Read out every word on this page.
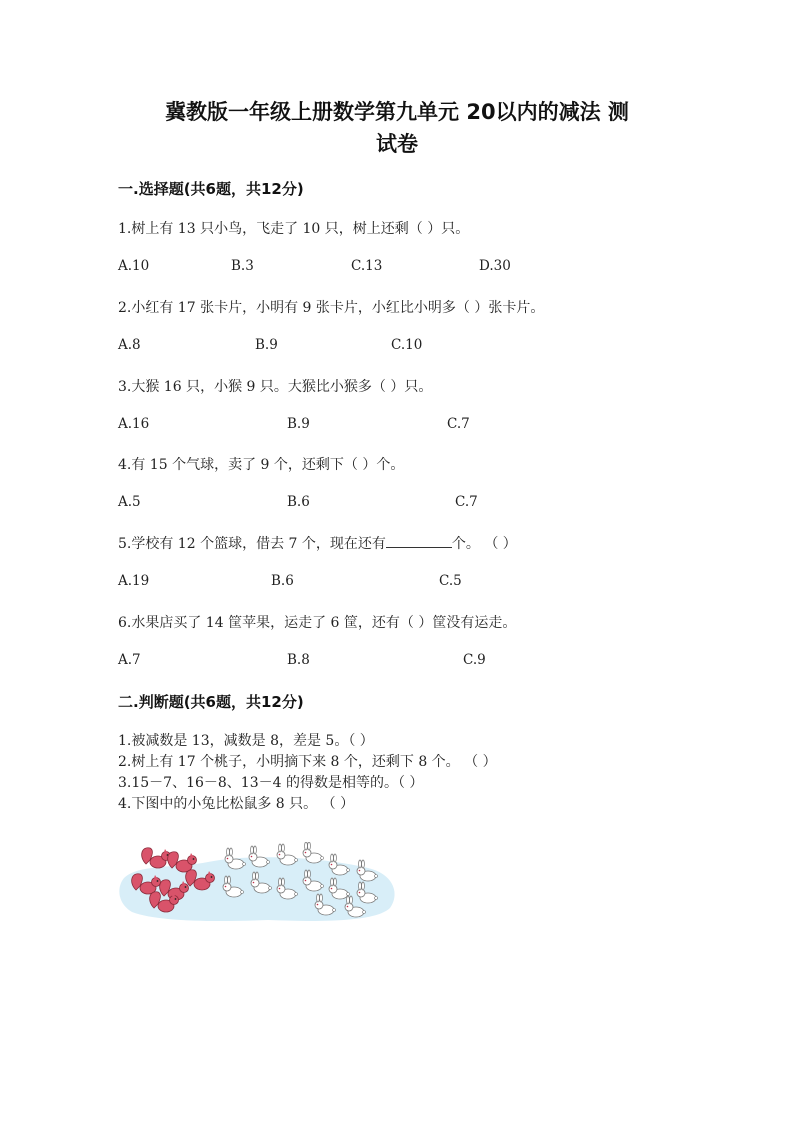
冀教版一年级上册数学第九单元 20以内的减法 测
试卷
一.选择题(共6题，共12分)
1.树上有 13 只小鸟，飞走了 10 只，树上还剩（ ）只。
A.10	B.3	C.13	D.30
2.小红有 17 张卡片，小明有 9 张卡片，小红比小明多（ ）张卡片。
A.8	B.9	C.10
3.大猴 16 只，小猴 9 只。大猴比小猴多（ ）只。
A.16	B.9	C.7
4.有 15 个气球，卖了 9 个，还剩下（ ）个。
A.5	B.6	C.7
5.学校有 12 个篮球，借去 7 个，现在还有	个。 （ ）
A.19	B.6	C.5
6.水果店买了 14 筐苹果，运走了 6 筐，还有（ ）筐没有运走。
A.7	B.8	C.9
二.判断题(共6题，共12分)
1.被减数是 13，减数是 8，差是 5。（ ）
2.树上有 17 个桃子，小明摘下来 8 个，还剩下 8 个。 （ ）
3.15－7、16－8、13－4 的得数是相等的。（ ）
4.下图中的小兔比松鼠多 8 只。 （ ）
